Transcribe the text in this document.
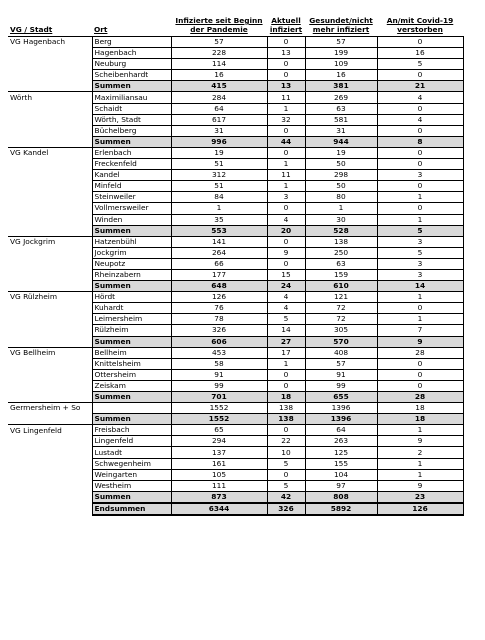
VG / Stadt	Ort	Infizierte seit Beginn der Pandemie	Aktuell infiziert	Gesundet/nicht mehr infiziert	An/mit Covid-19 verstorben
VG Hagenbach	Berg	57	0	57	0
	Hagenbach	228	13	199	16
	Neuburg	114	0	109	5
	Scheibenhardt	16	0	16	0
	Summen	415	13	381	21
Wörth	Maximiliansau	284	11	269	4
	Schaidt	64	1	63	0
	Wörth, Stadt	617	32	581	4
	Büchelberg	31	0	31	0
	Summen	996	44	944	8
VG Kandel	Erlenbach	19	0	19	0
	Freckenfeld	51	1	50	0
	Kandel	312	11	298	3
	Minfeld	51	1	50	0
	Steinweiler	84	3	80	1
	Vollmersweiler	1	0	1	0
	Winden	35	4	30	1
	Summen	553	20	528	5
VG Jockgrim	Hatzenbühl	141	0	138	3
	Jockgrim	264	9	250	5
	Neupotz	66	0	63	3
	Rheinzabern	177	15	159	3
	Summen	648	24	610	14
VG Rülzheim	Hördt	126	4	121	1
	Kuhardt	76	4	72	0
	Leimersheim	78	5	72	1
	Rülzheim	326	14	305	7
	Summen	606	27	570	9
VG Bellheim	Bellheim	453	17	408	28
	Knittelsheim	58	1	57	0
	Ottersheim	91	0	91	0
	Zeiskam	99	0	99	0
	Summen	701	18	655	28
Germersheim + So		1552	138	1396	18
	Summen	1552	138	1396	18
VG Lingenfeld	Freisbach	65	0	64	1
	Lingenfeld	294	22	263	9
	Lustadt	137	10	125	2
	Schwegenheim	161	5	155	1
	Weingarten	105	0	104	1
	Westheim	111	5	97	9
	Summen	873	42	808	23
	Endsummen	6344	326	5892	126
